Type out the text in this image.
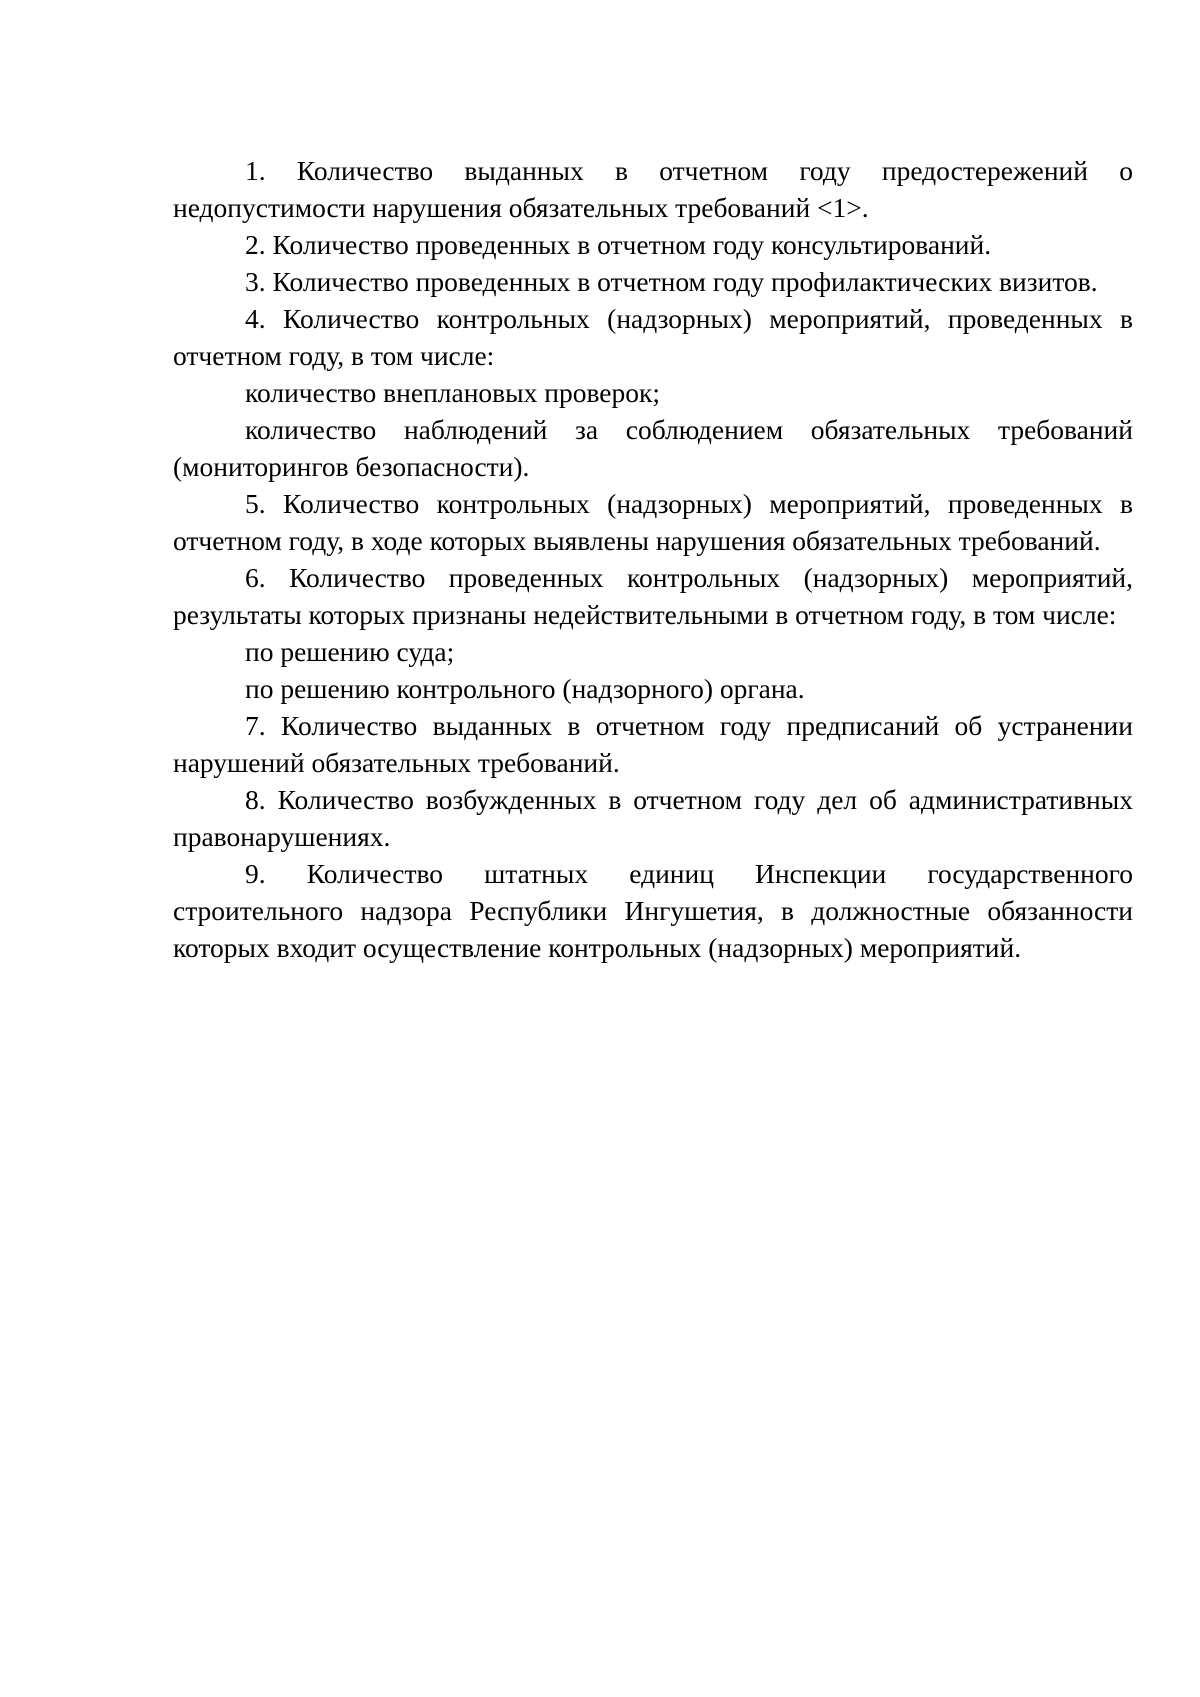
1. Количество выданных в отчетном году предостережений о недопустимости нарушения обязательных требований <1>.

2. Количество проведенных в отчетном году консультирований.

3. Количество проведенных в отчетном году профилактических визитов.

4. Количество контрольных (надзорных) мероприятий, проведенных в отчетном году, в том числе:

количество внеплановых проверок;

количество наблюдений за соблюдением обязательных требований (мониторингов безопасности).

5. Количество контрольных (надзорных) мероприятий, проведенных в отчетном году, в ходе которых выявлены нарушения обязательных требований.

6. Количество проведенных контрольных (надзорных) мероприятий, результаты которых признаны недействительными в отчетном году, в том числе:

по решению суда;

по решению контрольного (надзорного) органа.

7. Количество выданных в отчетном году предписаний об устранении нарушений обязательных требований.

8. Количество возбужденных в отчетном году дел об административных правонарушениях.

9. Количество штатных единиц Инспекции государственного строительного надзора Республики Ингушетия, в должностные обязанности которых входит осуществление контрольных (надзорных) мероприятий.
